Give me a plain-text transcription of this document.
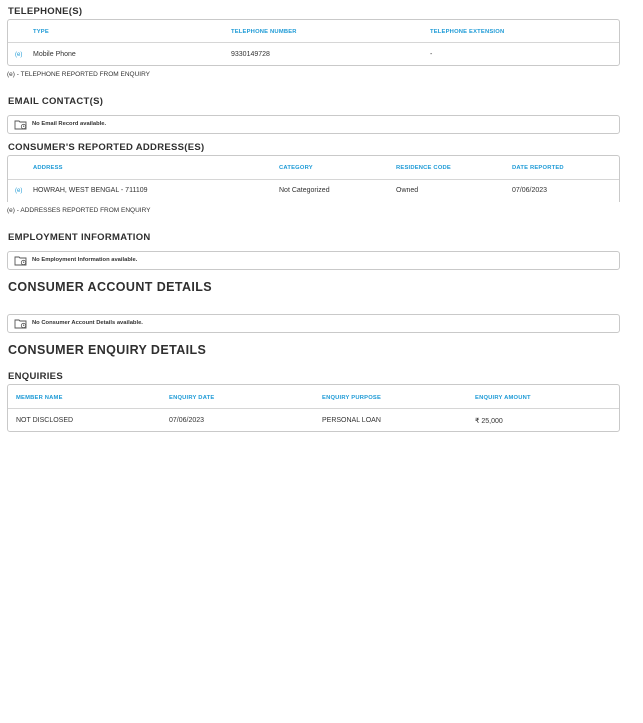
TELEPHONE(S)
TYPE	TELEPHONE NUMBER	TELEPHONE EXTENSION
(e) Mobile Phone	9330149728	-
(e) - TELEPHONE REPORTED FROM ENQUIRY
EMAIL CONTACT(S)
No Email Record available.
CONSUMER'S REPORTED ADDRESS(ES)
ADDRESS	CATEGORY	RESIDENCE CODE	DATE REPORTED
(e) HOWRAH, WEST BENGAL - 711109	Not Categorized	Owned	07/06/2023
(e) - ADDRESSES REPORTED FROM ENQUIRY
EMPLOYMENT INFORMATION
No Employment Information available.
CONSUMER ACCOUNT DETAILS
No Consumer Account Details available.
CONSUMER ENQUIRY DETAILS
ENQUIRIES
MEMBER NAME	ENQUIRY DATE	ENQUIRY PURPOSE	ENQUIRY AMOUNT
NOT DISCLOSED	07/06/2023	PERSONAL LOAN	₹ 25,000
